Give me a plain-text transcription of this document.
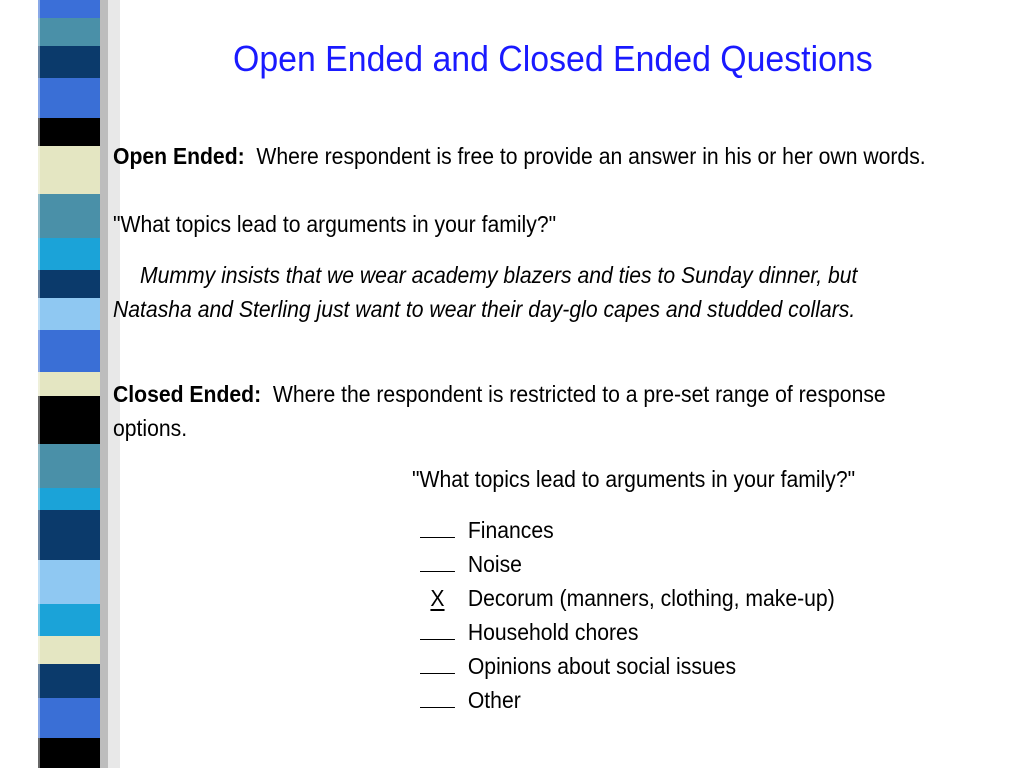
Open Ended and Closed Ended Questions
Open Ended: Where respondent is free to provide an answer in his or her own words.
"What topics lead to arguments in your family?"
Mummy insists that we wear academy blazers and ties to Sunday dinner, but
Natasha and Sterling just want to wear their day-glo capes and studded collars.
Closed Ended: Where the respondent is restricted to a pre-set range of response
options.
"What topics lead to arguments in your family?"
Finances
Noise
X Decorum (manners, clothing, make-up)
Household chores
Opinions about social issues
Other
